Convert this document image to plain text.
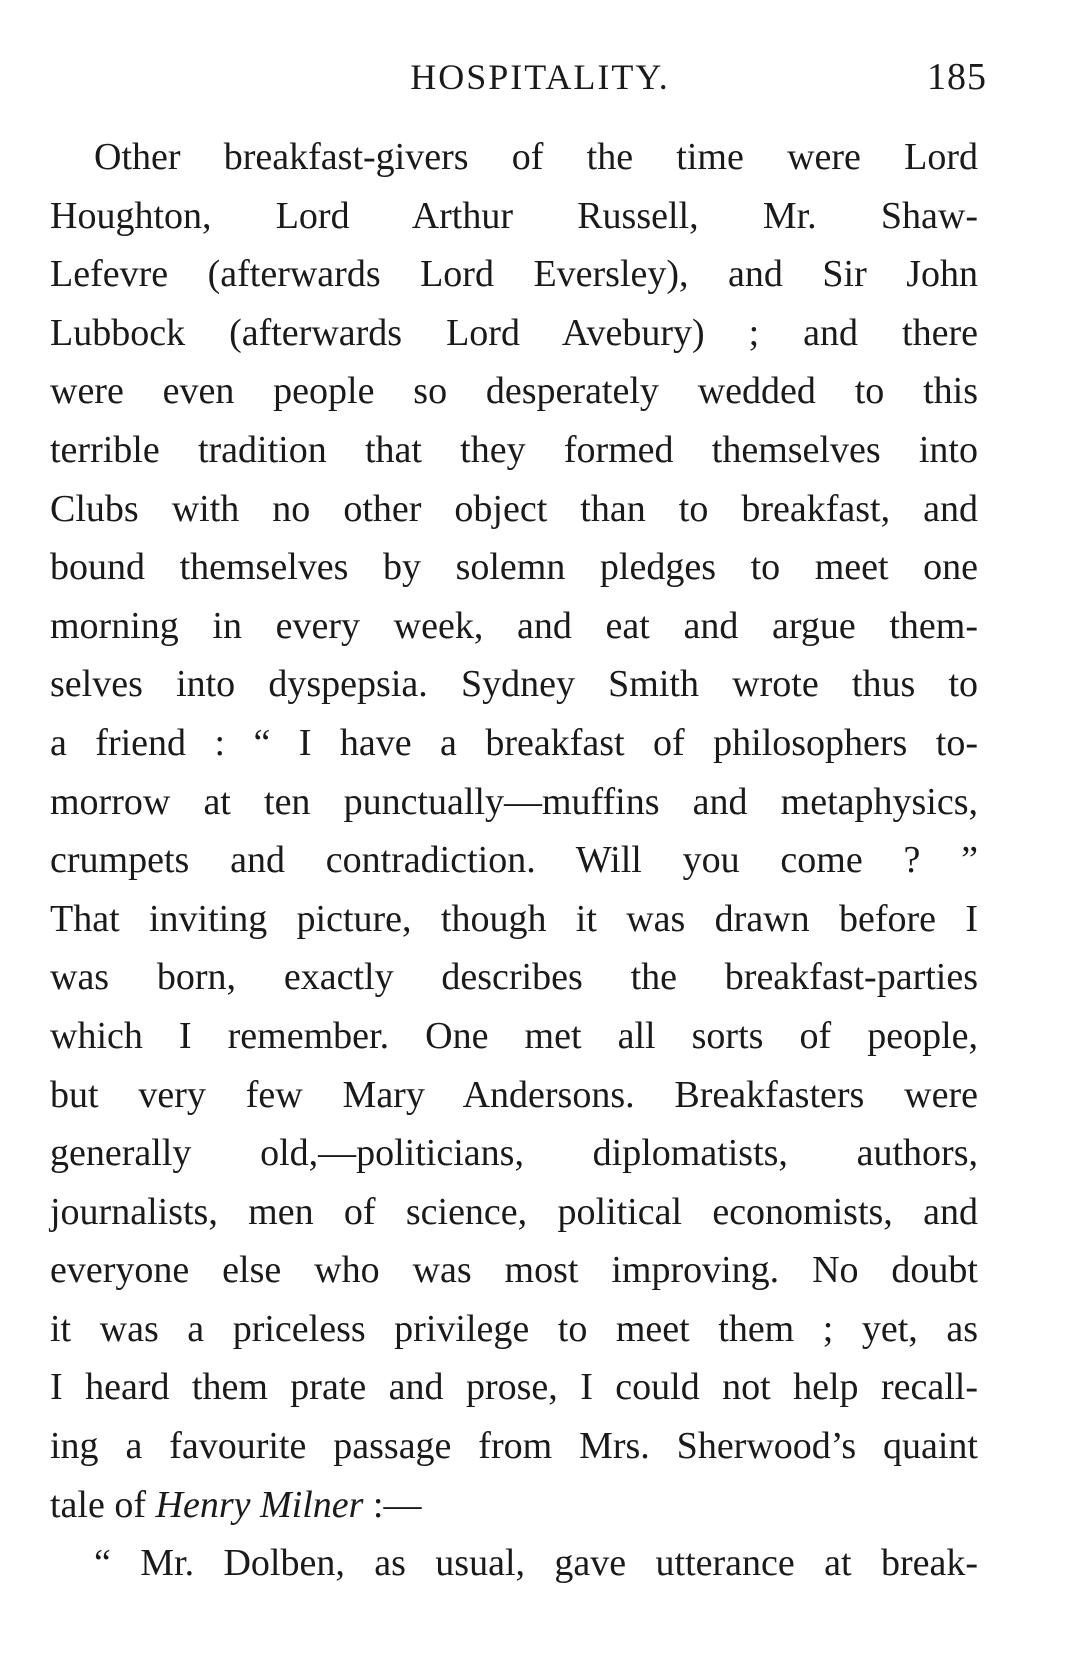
HOSPITALITY.	185
Other breakfast-givers of the time were Lord
Houghton, Lord Arthur Russell, Mr. Shaw-
Lefevre (afterwards Lord Eversley), and Sir John
Lubbock (afterwards Lord Avebury) ; and there
were even people so desperately wedded to this
terrible tradition that they formed themselves into
Clubs with no other object than to breakfast, and
bound themselves by solemn pledges to meet one
morning in every week, and eat and argue them-
selves into dyspepsia. Sydney Smith wrote thus to
a friend : “ I have a breakfast of philosophers to-
morrow at ten punctually—muffins and metaphysics,
crumpets and contradiction. Will you come ? ”
That inviting picture, though it was drawn before I
was born, exactly describes the breakfast-parties
which I remember. One met all sorts of people,
but very few Mary Andersons. Breakfasters were
generally old,—politicians, diplomatists, authors,
journalists, men of science, political economists, and
everyone else who was most improving. No doubt
it was a priceless privilege to meet them ; yet, as
I heard them prate and prose, I could not help recall-
ing a favourite passage from Mrs. Sherwood’s quaint
tale of Henry Milner :—
“ Mr. Dolben, as usual, gave utterance at break-
